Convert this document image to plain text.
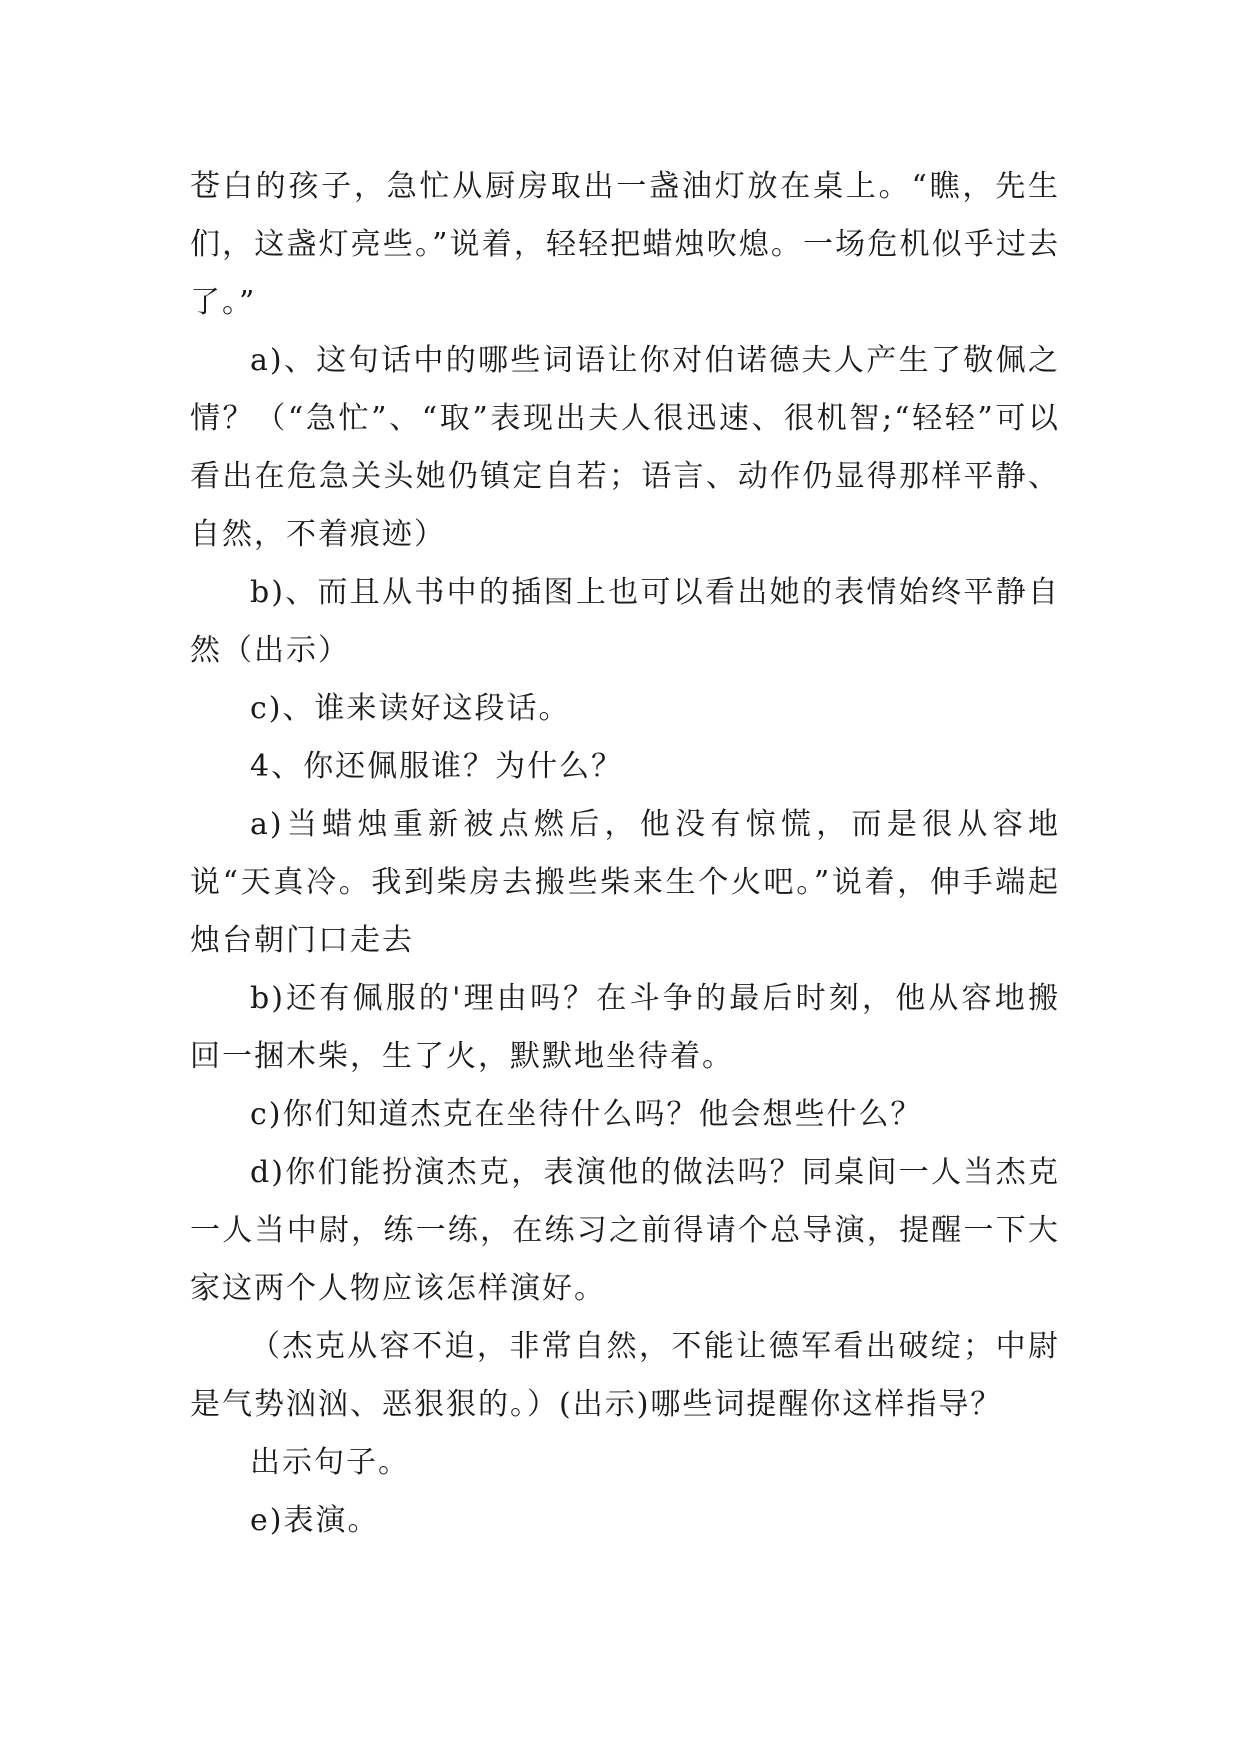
苍白的孩子，急忙从厨房取出一盏油灯放在桌上。“瞧，先生们，这盏灯亮些。”说着，轻轻把蜡烛吹熄。一场危机似乎过去了。”

a)、这句话中的哪些词语让你对伯诺德夫人产生了敬佩之情？（“急忙”、“取”表现出夫人很迅速、很机智;“轻轻”可以看出在危急关头她仍镇定自若；语言、动作仍显得那样平静、自然，不着痕迹）

b)、而且从书中的插图上也可以看出她的表情始终平静自然（出示）

c)、谁来读好这段话。

4、你还佩服谁？为什么？

a)当蜡烛重新被点燃后，他没有惊慌，而是很从容地说“天真冷。我到柴房去搬些柴来生个火吧。”说着，伸手端起烛台朝门口走去

b)还有佩服的'理由吗？在斗争的最后时刻，他从容地搬回一捆木柴，生了火，默默地坐待着。

c)你们知道杰克在坐待什么吗？他会想些什么？

d)你们能扮演杰克，表演他的做法吗？同桌间一人当杰克一人当中尉，练一练，在练习之前得请个总导演，提醒一下大家这两个人物应该怎样演好。

（杰克从容不迫，非常自然，不能让德军看出破绽；中尉是气势汹汹、恶狠狠的。）(出示)哪些词提醒你这样指导？

出示句子。

e)表演。
